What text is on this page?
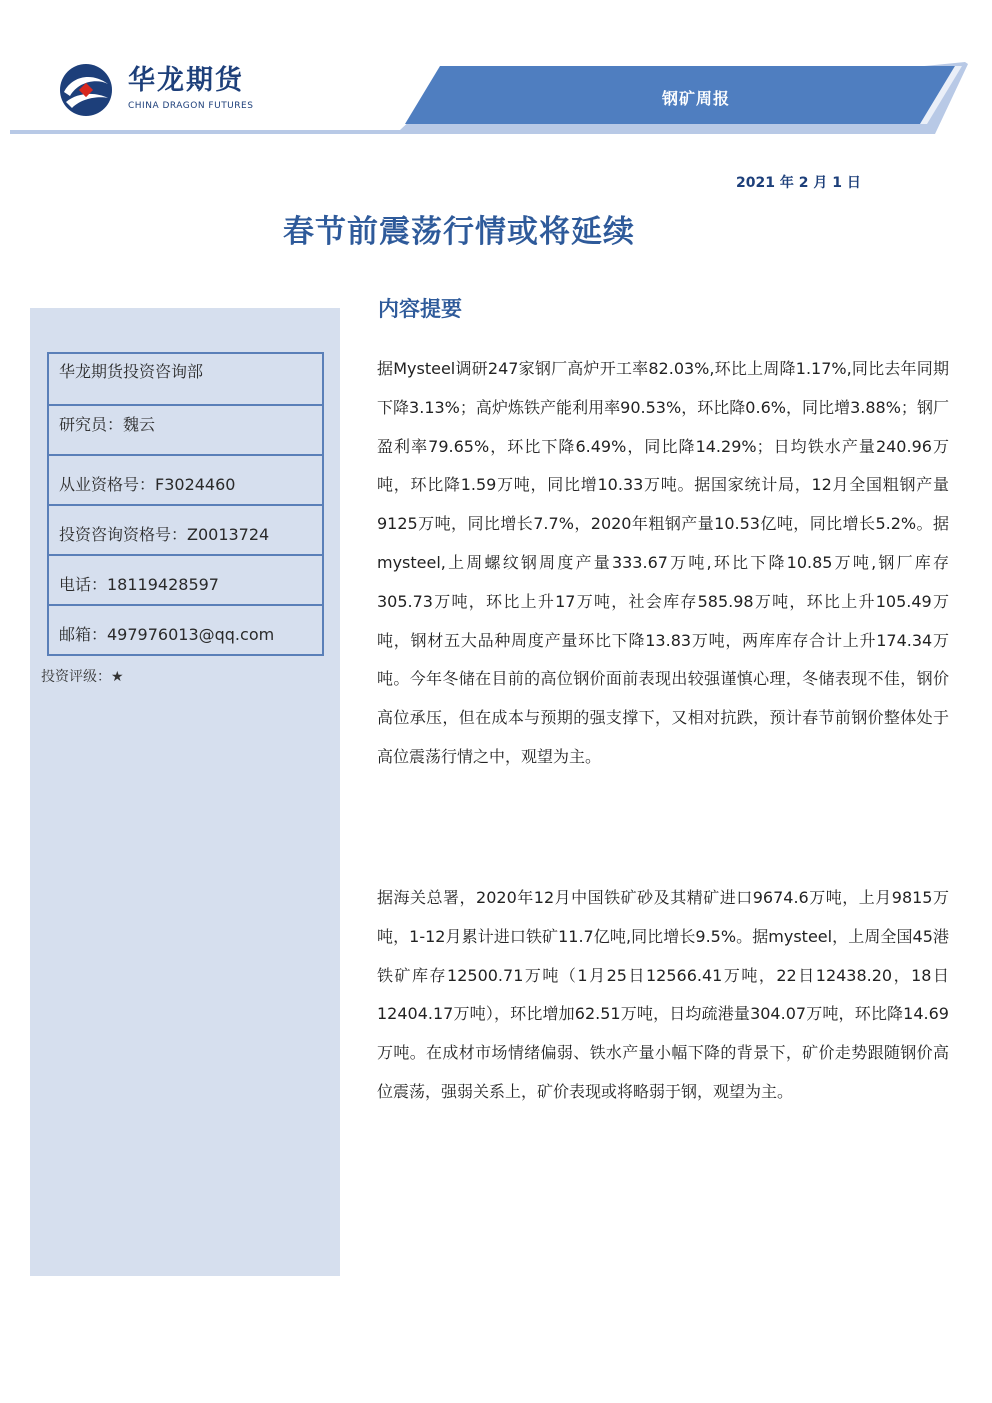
钢矿周报
华龙期货
CHINA DRAGON FUTURES
2021 年 2 月 1 日
春节前震荡行情或将延续
华龙期货投资咨询部
研究员：魏云
从业资格号：F3024460
投资咨询资格号：Z0013724
电话：18119428597
邮箱：497976013@qq.com
投资评级：★
内容提要

据Mysteel调研247家钢厂高炉开工率82.03%,环比上周降1.17%,同比去年同期下降3.13%；高炉炼铁产能利用率90.53%，环比降0.6%，同比增3.88%；钢厂盈利率79.65%，环比下降6.49%，同比降14.29%；日均铁水产量240.96万吨，环比降1.59万吨，同比增10.33万吨。据国家统计局，12月全国粗钢产量9125万吨，同比增长7.7%，2020年粗钢产量10.53亿吨，同比增长5.2%。据mysteel,上周螺纹钢周度产量333.67万吨,环比下降10.85万吨,钢厂库存305.73万吨，环比上升17万吨，社会库存585.98万吨，环比上升105.49万吨，钢材五大品种周度产量环比下降13.83万吨，两库库存合计上升174.34万吨。今年冬储在目前的高位钢价面前表现出较强谨慎心理，冬储表现不佳，钢价高位承压，但在成本与预期的强支撑下，又相对抗跌，预计春节前钢价整体处于高位震荡行情之中，观望为主。

据海关总署，2020年12月中国铁矿砂及其精矿进口9674.6万吨，上月9815万吨，1-12月累计进口铁矿11.7亿吨,同比增长9.5%。据mysteel，上周全国45港铁矿库存12500.71万吨（1月25日12566.41万吨，22日12438.20，18日12404.17万吨），环比增加62.51万吨，日均疏港量304.07万吨，环比降14.69万吨。在成材市场情绪偏弱、铁水产量小幅下降的背景下，矿价走势跟随钢价高位震荡，强弱关系上，矿价表现或将略弱于钢，观望为主。
